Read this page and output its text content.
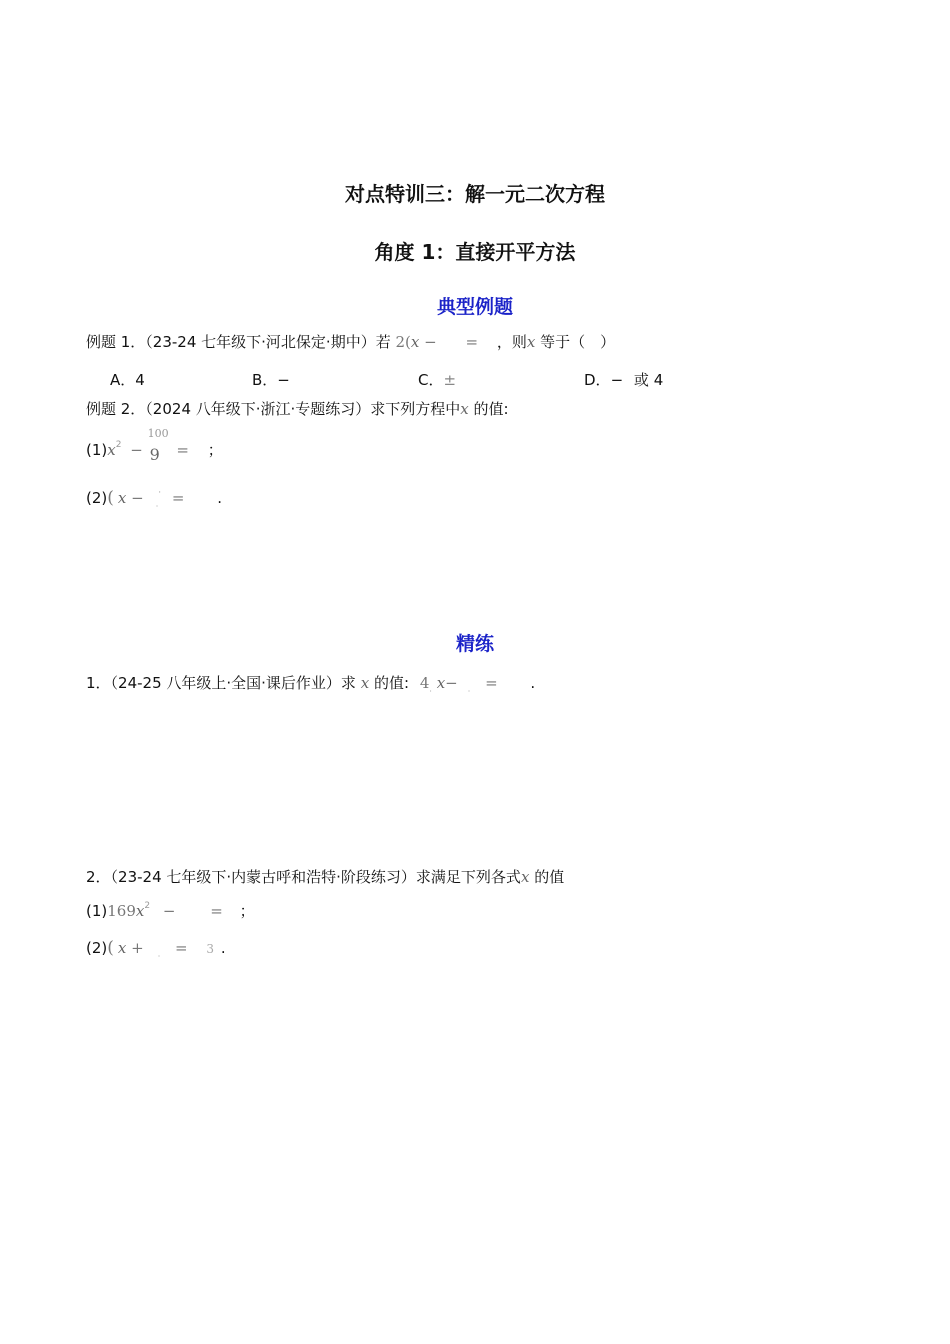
对点特训三：解一元二次方程
角度 1：直接开平方法
典型例题
例题 1．（23-24 七年级下·河北保定·期中）若 2(x − = ，则x 等于（　）
A．4	B．−	C．±	D．− 或 4
例题 2．（2024 八年级下·浙江·专题练习）求下列方程中x 的值:
$(1)x^2$ −
100
9 = ；
(2)( x − $_\cdot$· = .
精练
1．（24-25 八年级上·全国·课后作业）求 x 的值: $4_\cdot$ x− $_\cdot$ = .
2．（23-24 七年级下·内蒙古呼和浩特·阶段练习）求满足下列各式x 的值
$(1)169x^2$ − = ；
(2)( x + $_\cdot$ = 3 .
